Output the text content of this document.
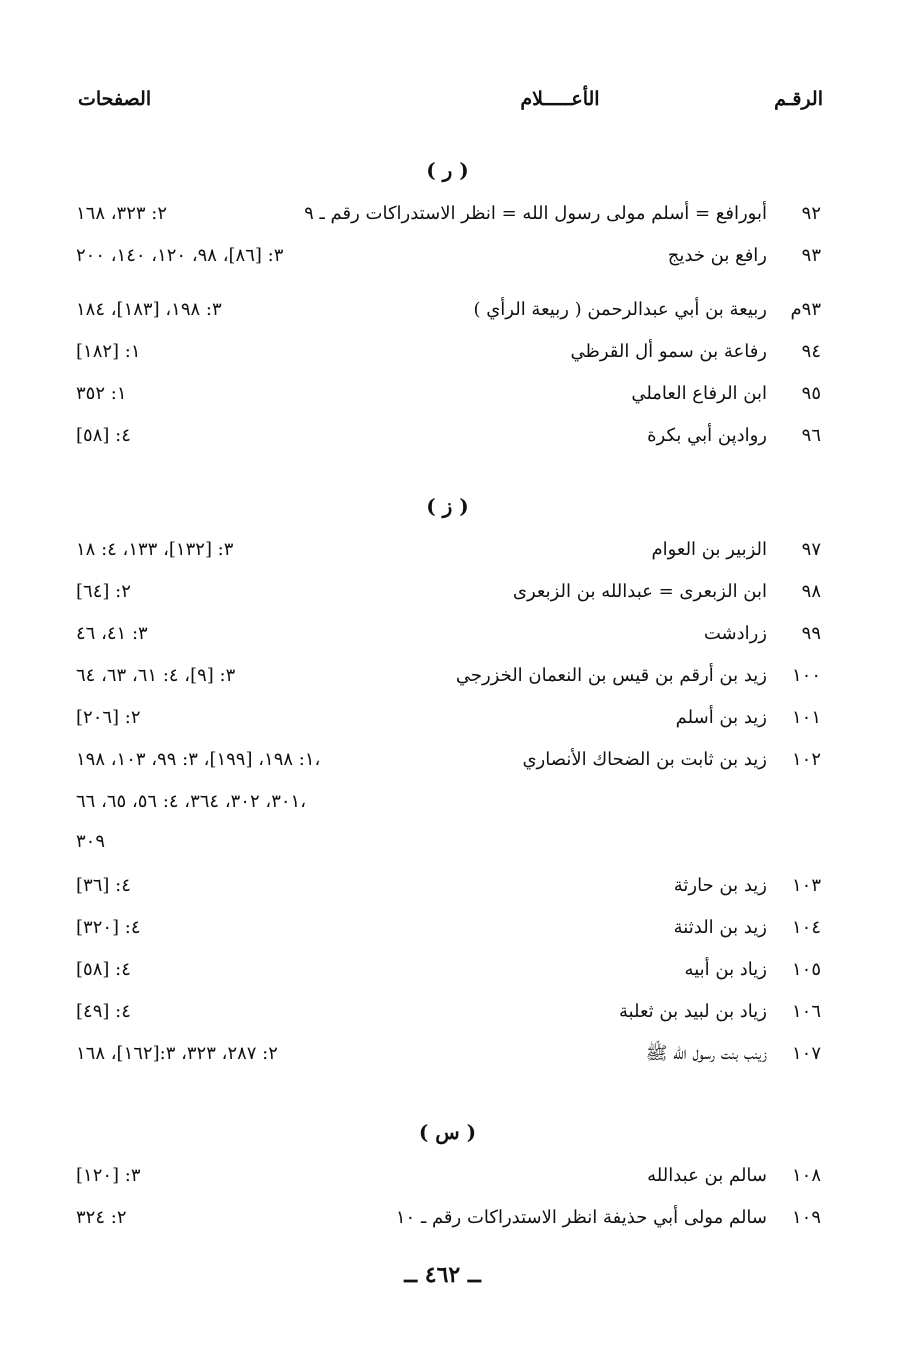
الرقـم
الأعـــــلام
الصفحات
( ر )
٩٢
أبورافع = أسلم مولى رسول الله = انظر الاستدراكات رقم ـ ٩
٢: ٣٢٣، ١٦٨
٩٣
رافع بن خديج
٣: [٨٦]، ٩٨، ١٢٠، ١٤٠، ٢٠٠
٩٣م
ربيعة بن أبي عبدالرحمن ( ربيعة الرأي )
٣: ١٩٨، [١٨٣]، ١٨٤
٩٤
رفاعة بن سمو أل القرظي
١: [١٨٢]
٩٥
ابن الرفاع العاملي
١: ٣٥٢
٩٦
روادپن أبي بكرة
٤: [٥٨]
( ز )
٩٧
الزبير بن العوام
٣: [١٣٢]، ١٣٣، ٤: ١٨
٩٨
ابن الزبعرى = عبدالله بن الزبعرى
٢: [٦٤]
٩٩
زرادشت
٣: ٤١، ٤٦
١٠٠
زيد بن أرقم بن قيس بن النعمان الخزرجي
٣: [٩]، ٤: ٦١، ٦٣، ٦٤
١٠١
زيد بن أسلم
٢: [٢٠٦]
١٠٢
زيد بن ثابت بن الضحاك الأنصاري
١: ١٩٨، [١٩٩]، ٣: ٩٩، ١٠٣، ١٩٨،
٣٠١، ٣٠٢، ٣٦٤، ٤: ٥٦، ٦٥، ٦٦،
٣٠٩
١٠٣
زيد بن حارثة
٤: [٣٦]
١٠٤
زيد بن الدثنة
٤: [٣٢٠]
١٠٥
زياد بن أبيه
٤: [٥٨]
١٠٦
زياد بن لبيد بن ثعلبة
٤: [٤٩]
١٠٧
زينب بنت رسول الله ﷺ
٢: ٢٨٧، ٣٢٣، ٣:[١٦٢]، ١٦٨
( س )
١٠٨
سالم بن عبدالله
٣: [١٢٠]
١٠٩
سالم مولى أبي حذيفة انظر الاستدراكات رقم ـ ١٠
٢: ٣٢٤
ــ ٤٦٢ ــ
